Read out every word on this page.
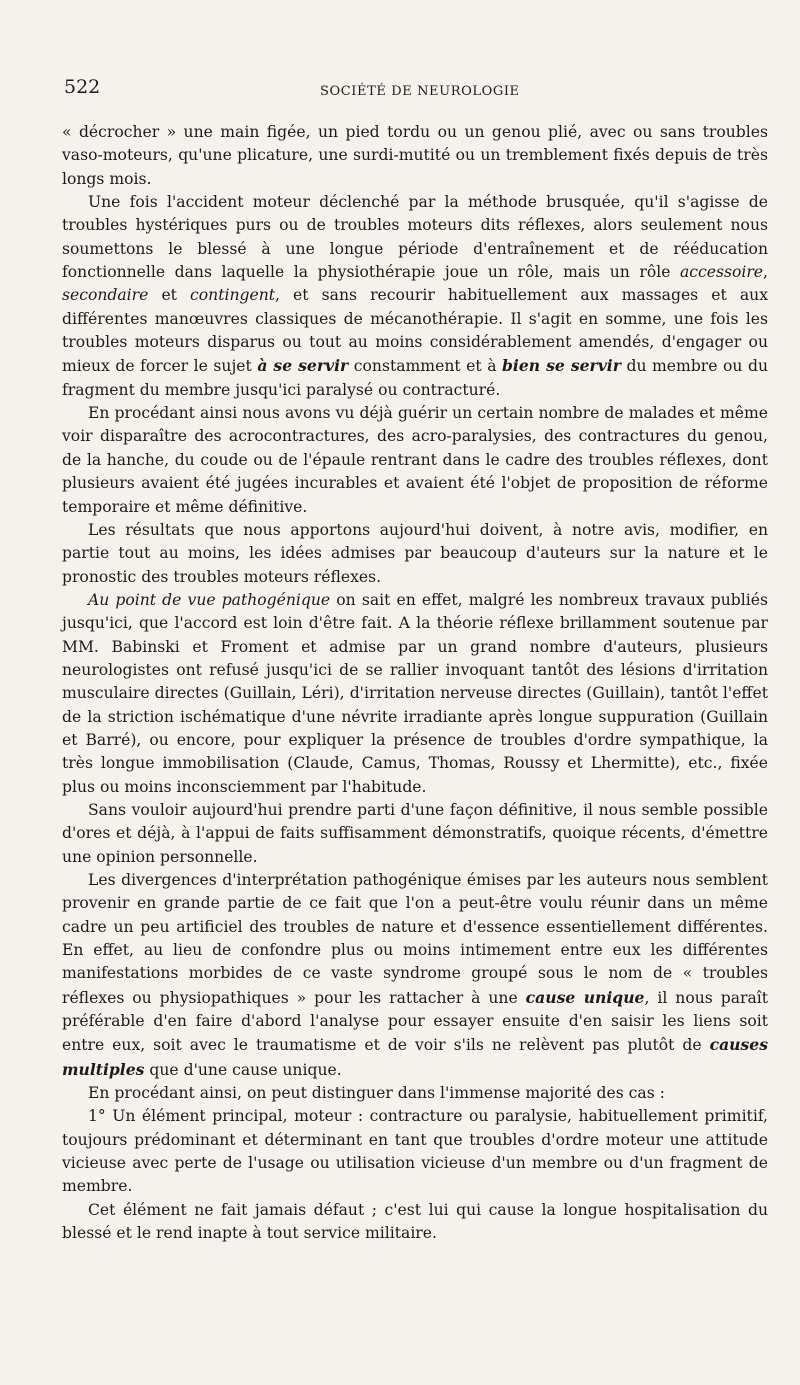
522	SOCIÉTÉ DE NEUROLOGIE

« décrocher » une main figée, un pied tordu ou un genou plié, avec ou sans troubles vaso-moteurs, qu'une plicature, une surdi-mutité ou un tremblement fixés depuis de très longs mois.

Une fois l'accident moteur déclenché par la méthode brusquée, qu'il s'agisse de troubles hystériques purs ou de troubles moteurs dits réflexes, alors seulement nous soumettons le blessé à une longue période d'entraînement et de rééducation fonctionnelle dans laquelle la physiothérapie joue un rôle, mais un rôle accessoire, secondaire et contingent, et sans recourir habituellement aux massages et aux différentes manœuvres classiques de mécanothérapie. Il s'agit en somme, une fois les troubles moteurs disparus ou tout au moins considérablement amendés, d'engager ou mieux de forcer le sujet à se servir constamment et à bien se servir du membre ou du fragment du membre jusqu'ici paralysé ou contracturé.

En procédant ainsi nous avons vu déjà guérir un certain nombre de malades et même voir disparaître des acrocontractures, des acro-paralysies, des contractures du genou, de la hanche, du coude ou de l'épaule rentrant dans le cadre des troubles réflexes, dont plusieurs avaient été jugées incurables et avaient été l'objet de proposition de réforme temporaire et même définitive.

Les résultats que nous apportons aujourd'hui doivent, à notre avis, modifier, en partie tout au moins, les idées admises par beaucoup d'auteurs sur la nature et le pronostic des troubles moteurs réflexes.

Au point de vue pathogénique on sait en effet, malgré les nombreux travaux publiés jusqu'ici, que l'accord est loin d'être fait. A la théorie réflexe brillamment soutenue par MM. Babinski et Froment et admise par un grand nombre d'auteurs, plusieurs neurologistes ont refusé jusqu'ici de se rallier invoquant tantôt des lésions d'irritation musculaire directes (Guillain, Léri), d'irritation nerveuse directes (Guillain), tantôt l'effet de la striction ischématique d'une névrite irradiante après longue suppuration (Guillain et Barré), ou encore, pour expliquer la présence de troubles d'ordre sympathique, la très longue immobilisation (Claude, Camus, Thomas, Roussy et Lhermitte), etc., fixée plus ou moins inconsciemment par l'habitude.

Sans vouloir aujourd'hui prendre parti d'une façon définitive, il nous semble possible d'ores et déjà, à l'appui de faits suffisamment démonstratifs, quoique récents, d'émettre une opinion personnelle.

Les divergences d'interprétation pathogénique émises par les auteurs nous semblent provenir en grande partie de ce fait que l'on a peut-être voulu réunir dans un même cadre un peu artificiel des troubles de nature et d'essence essentiellement différentes. En effet, au lieu de confondre plus ou moins intimement entre eux les différentes manifestations morbides de ce vaste syndrome groupé sous le nom de « troubles réflexes ou physiopathiques » pour les rattacher à une cause unique, il nous paraît préférable d'en faire d'abord l'analyse pour essayer ensuite d'en saisir les liens soit entre eux, soit avec le traumatisme et de voir s'ils ne relèvent pas plutôt de causes multiples que d'une cause unique.

En procédant ainsi, on peut distinguer dans l'immense majorité des cas :

1° Un élément principal, moteur : contracture ou paralysie, habituellement primitif, toujours prédominant et déterminant en tant que troubles d'ordre moteur une attitude vicieuse avec perte de l'usage ou utilisation vicieuse d'un membre ou d'un fragment de membre.

Cet élément ne fait jamais défaut ; c'est lui qui cause la longue hospitalisation du blessé et le rend inapte à tout service militaire.
